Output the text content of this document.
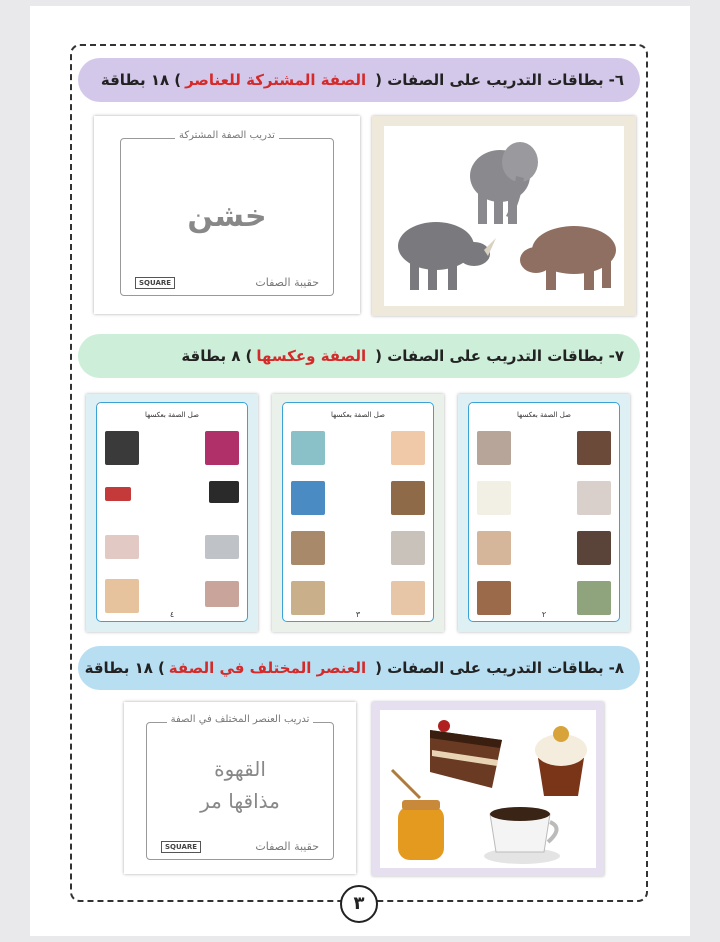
٦-
بطاقات التدريب على الصفات (
الصفة المشتركة للعناصر
)
١٨ بطاقة
تدريب الصفة المشتركة
خشن
SQUARE	حقيبة الصفات
٧-
بطاقات التدريب على الصفات (
الصفة وعكسها
)
٨ بطاقة
صل الصفة بعكسها
٢
صل الصفة بعكسها
٣
صل الصفة بعكسها
٤
٨-
بطاقات التدريب على الصفات (
العنصر المختلف في الصفة
)
١٨ بطاقة
تدريب العنصر المختلف في الصفة
القهوة
مذاقها مر
SQUARE	حقيبة الصفات
٣
